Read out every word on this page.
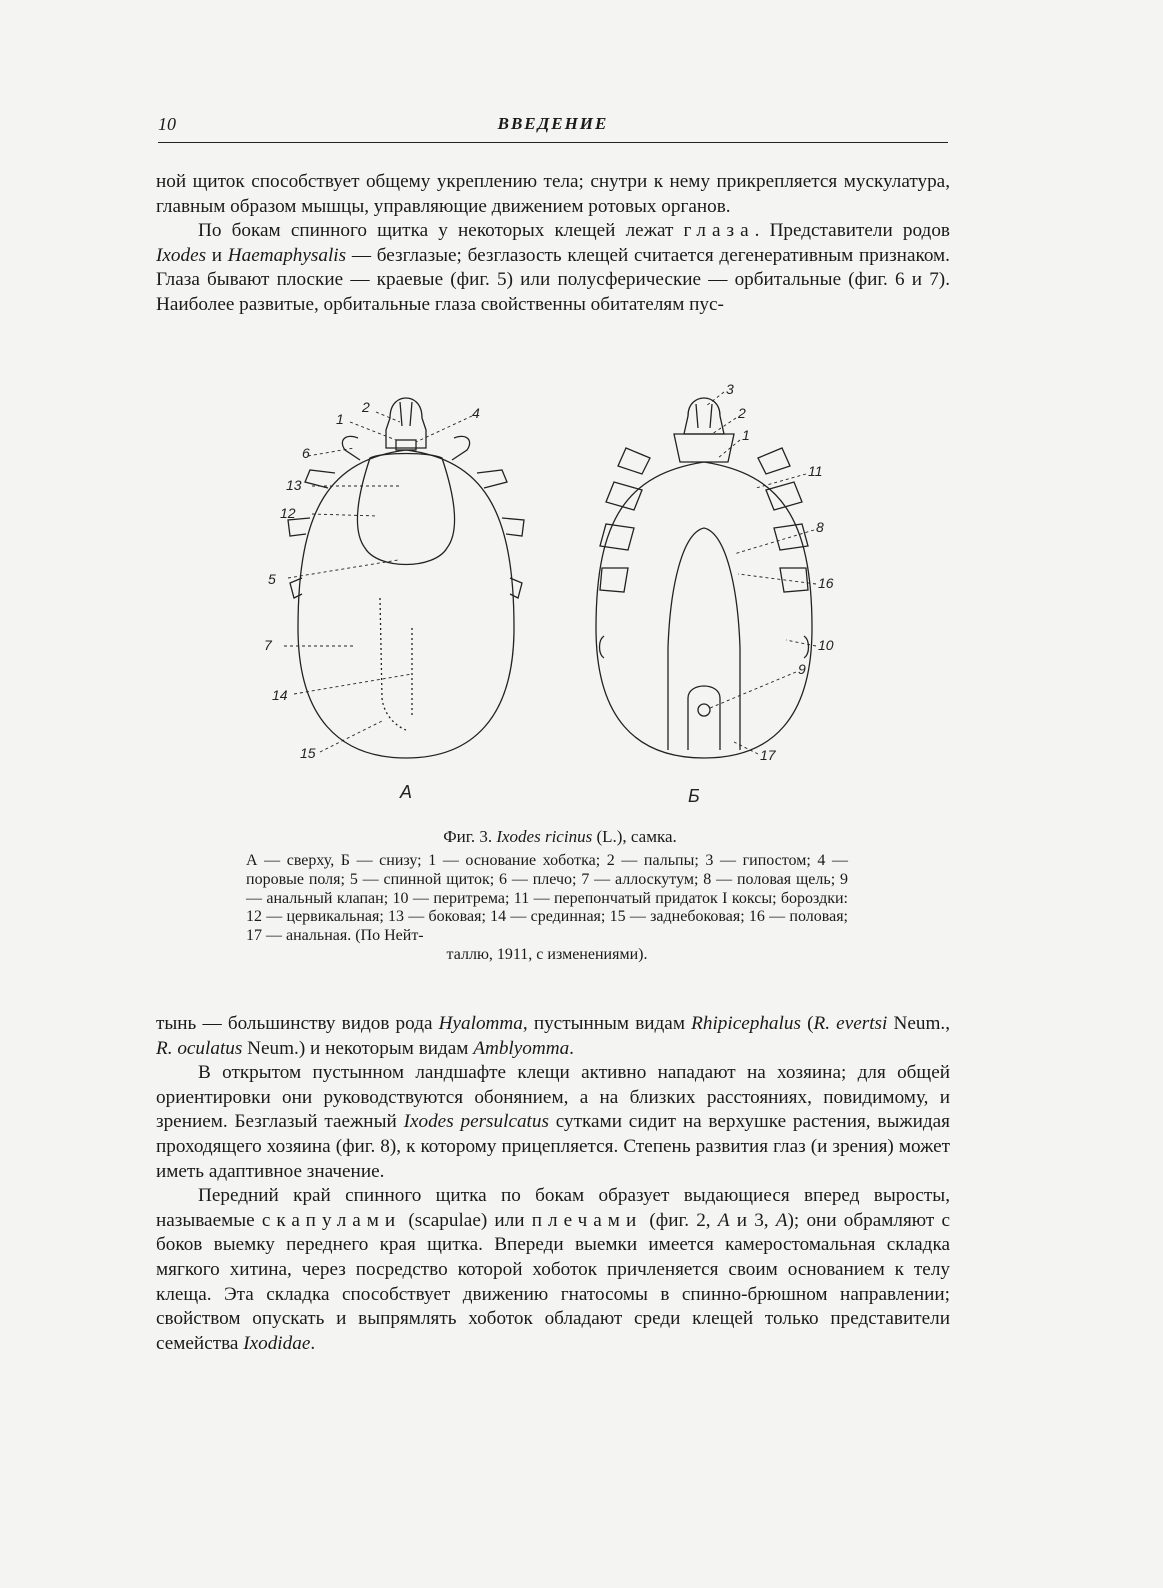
10	ВВЕДЕНИЕ

ной щиток способствует общему укреплению тела; снутри к нему прикрепляется мускулатура, главным образом мышцы, управляющие движением ротовых органов.

По бокам спинного щитка у некоторых клещей лежат глаза. Представители родов Ixodes и Haemaphysalis — безглазые; безглазость клещей считается дегенеративным признаком. Глаза бывают плоские — краевые (фиг. 5) или полусферические — орбитальные (фиг. 6 и 7). Наиболее развитые, орбитальные глаза свойственны обитателям пус-

1
2	4
6
13
12
5
7
14
15
3
2
1
11
8
16
10
9
17
А	Б
Фиг. 3. Ixodes ricinus (L.), самка.
А — сверху, Б — снизу; 1 — основание хоботка; 2 — пальпы; 3 — гипостом; 4 — поровые поля; 5 — спинной щиток; 6 — плечо; 7 — аллоскутум; 8 — половая щель; 9 — анальный клапан; 10 — перитрема; 11 — перепончатый придаток I коксы; бороздки: 12 — цервикальная; 13 — боковая; 14 — срединная; 15 — заднебоковая; 16 — половая; 17 — анальная. (По Нейт-
таллю, 1911, с изменениями).

тынь — большинству видов рода Hyalomma, пустынным видам Rhipicephalus (R. evertsi Neum., R. oculatus Neum.) и некоторым видам Amblyomma.

В открытом пустынном ландшафте клещи активно нападают на хозяина; для общей ориентировки они руководствуются обонянием, а на близких расстояниях, повидимому, и зрением. Безглазый таежный Ixodes persulcatus сутками сидит на верхушке растения, выжидая проходящего хозяина (фиг. 8), к которому прицепляется. Степень развития глаз (и зрения) может иметь адаптивное значение.

Передний край спинного щитка по бокам образует выдающиеся вперед выросты, называемые скапулами (scapulae) или плечами (фиг. 2, А и 3, А); они обрамляют с боков выемку переднего края щитка. Впереди выемки имеется камеростомальная складка мягкого хитина, через посредство которой хоботок причленяется своим основанием к телу клеща. Эта складка способствует движению гнатосомы в спинно-брюшном направлении; свойством опускать и выпрямлять хоботок обладают среди клещей только представители семейства Ixodidae.
